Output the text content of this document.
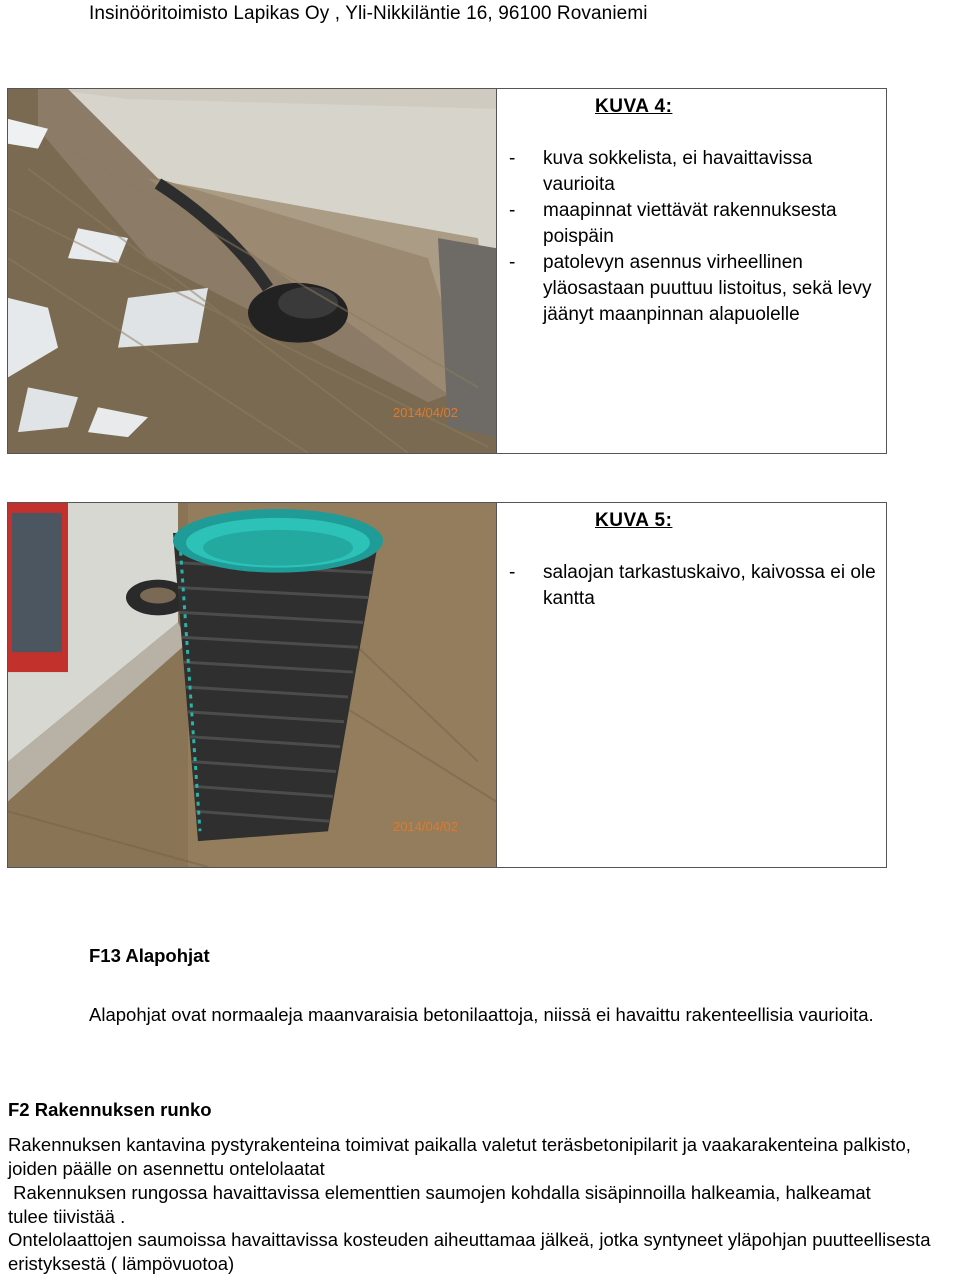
Insinööritoimisto Lapikas Oy , Yli-Nikkiläntie 16, 96100 Rovaniemi
2014/04/02
KUVA 4:
- kuva sokkelista, ei havaittavissa vaurioita
- maapinnat viettävät rakennuksesta poispäin
- patolevyn asennus virheellinen yläosastaan puuttuu listoitus, sekä levy jäänyt maanpinnan alapuolelle
2014/04/02
KUVA 5:
- salaojan tarkastuskaivo, kaivossa ei ole kantta
F13 Alapohjat
Alapohjat ovat normaaleja maanvaraisia betonilaattoja, niissä ei havaittu rakenteellisia vaurioita.
F2 Rakennuksen runko
Rakennuksen kantavina pystyrakenteina toimivat paikalla valetut teräsbetonipilarit ja vaakarakenteina palkisto, joiden päälle on asennettu ontelolaatat
Rakennuksen rungossa havaittavissa elementtien saumojen kohdalla sisäpinnoilla halkeamia, halkeamat tulee tiivistää .
Ontelolaattojen saumoissa havaittavissa kosteuden aiheuttamaa jälkeä, jotka syntyneet yläpohjan puutteellisesta eristyksestä ( lämpövuotoa)
